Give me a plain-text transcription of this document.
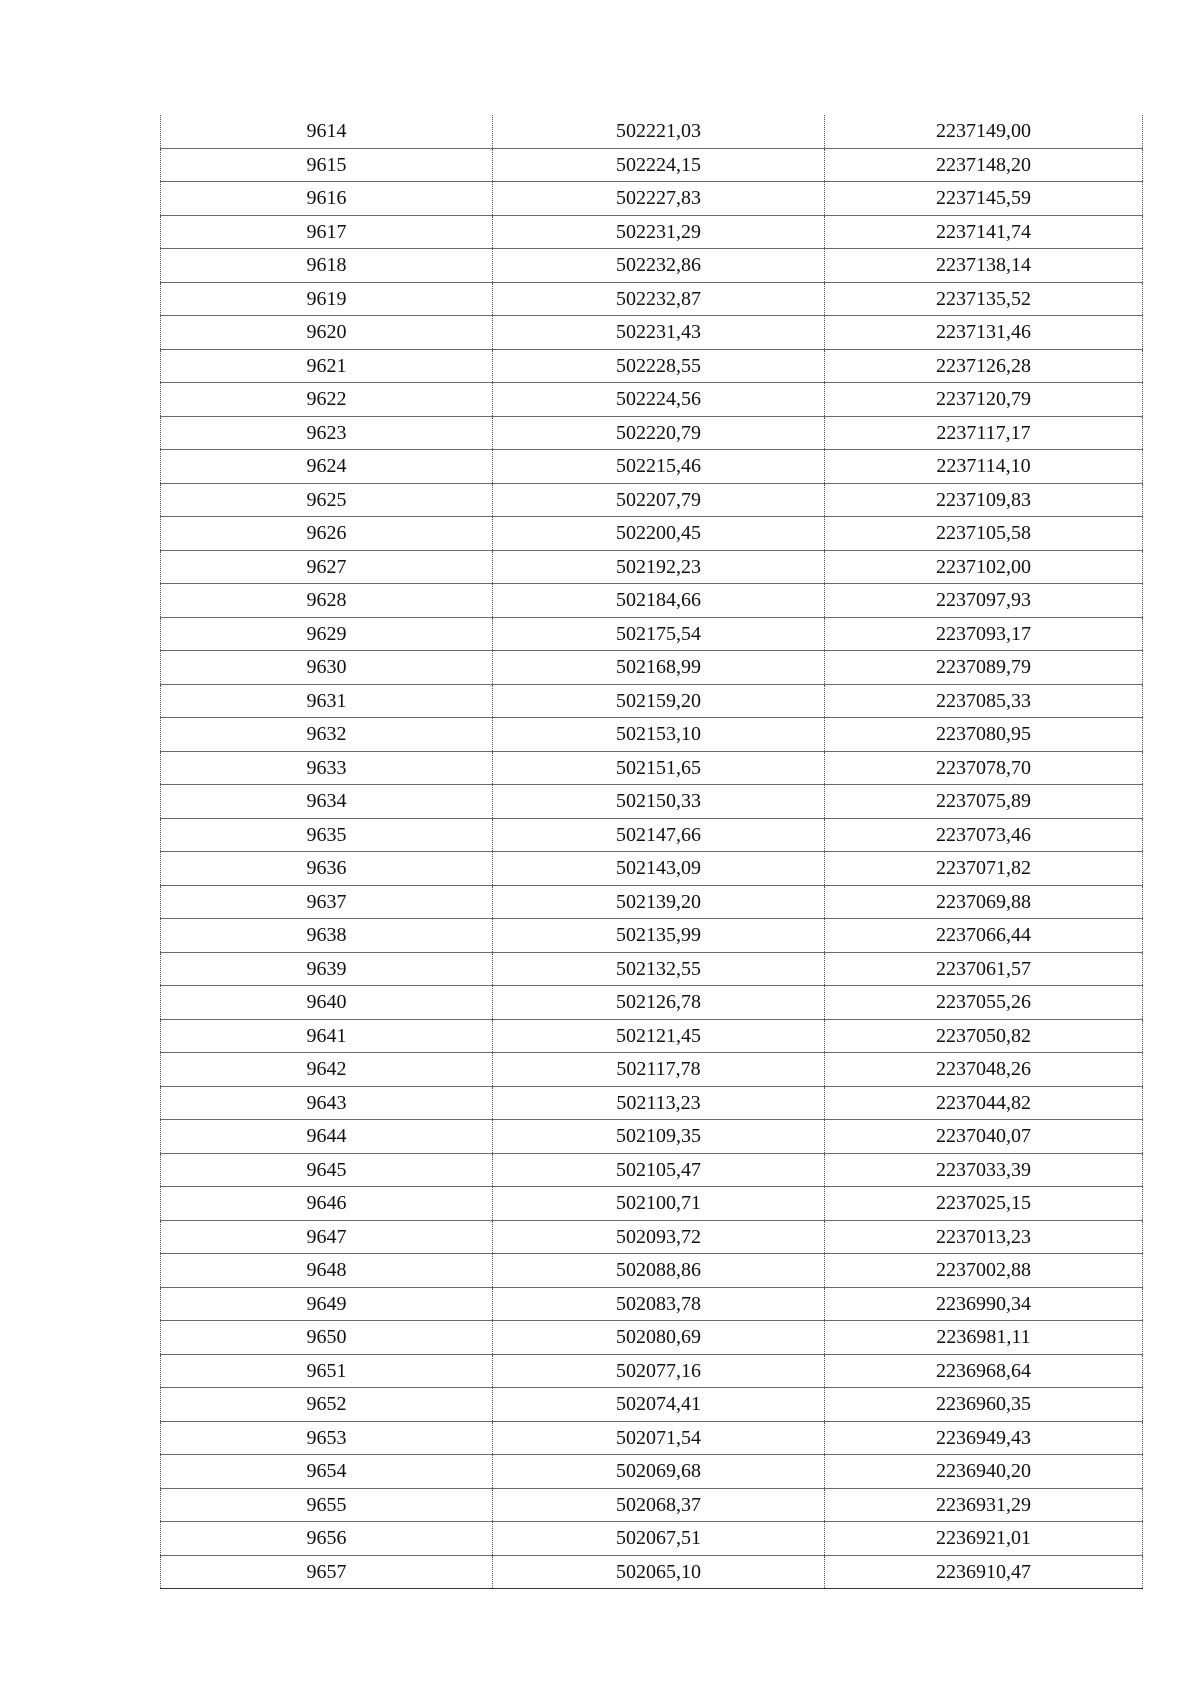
9614	502221,03	2237149,00
9615	502224,15	2237148,20
9616	502227,83	2237145,59
9617	502231,29	2237141,74
9618	502232,86	2237138,14
9619	502232,87	2237135,52
9620	502231,43	2237131,46
9621	502228,55	2237126,28
9622	502224,56	2237120,79
9623	502220,79	2237117,17
9624	502215,46	2237114,10
9625	502207,79	2237109,83
9626	502200,45	2237105,58
9627	502192,23	2237102,00
9628	502184,66	2237097,93
9629	502175,54	2237093,17
9630	502168,99	2237089,79
9631	502159,20	2237085,33
9632	502153,10	2237080,95
9633	502151,65	2237078,70
9634	502150,33	2237075,89
9635	502147,66	2237073,46
9636	502143,09	2237071,82
9637	502139,20	2237069,88
9638	502135,99	2237066,44
9639	502132,55	2237061,57
9640	502126,78	2237055,26
9641	502121,45	2237050,82
9642	502117,78	2237048,26
9643	502113,23	2237044,82
9644	502109,35	2237040,07
9645	502105,47	2237033,39
9646	502100,71	2237025,15
9647	502093,72	2237013,23
9648	502088,86	2237002,88
9649	502083,78	2236990,34
9650	502080,69	2236981,11
9651	502077,16	2236968,64
9652	502074,41	2236960,35
9653	502071,54	2236949,43
9654	502069,68	2236940,20
9655	502068,37	2236931,29
9656	502067,51	2236921,01
9657	502065,10	2236910,47
